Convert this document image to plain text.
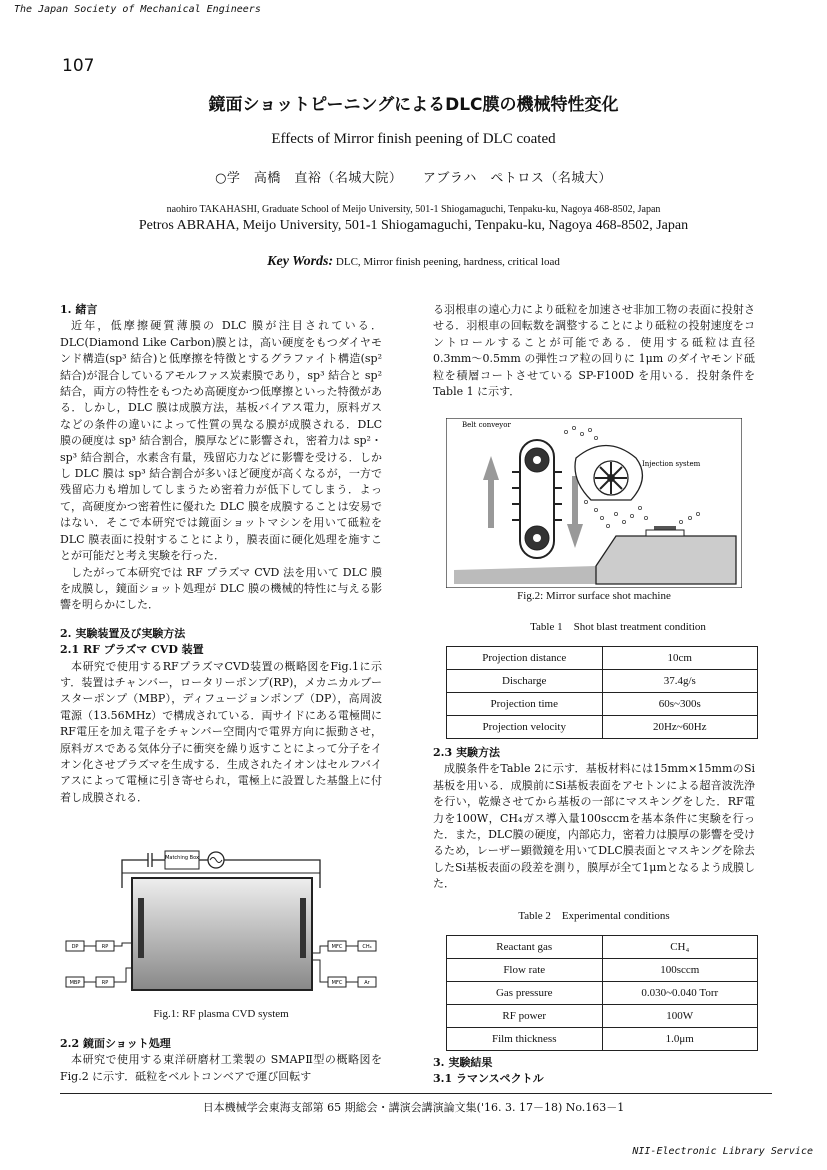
The Japan Society of Mechanical Engineers
107
鏡面ショットピーニングによるDLC膜の機械特性変化
Effects of Mirror finish peening of DLC coated
○学　高橋　直裕（名城大院）　　アブラハ　ペトロス（名城大）
naohiro TAKAHASHI, Graduate School of Meijo University, 501-1 Shiogamaguchi, Tenpaku-ku, Nagoya 468-8502, Japan
Petros ABRAHA, Meijo University, 501-1 Shiogamaguchi, Tenpaku-ku, Nagoya 468-8502, Japan
Key Words: DLC, Mirror finish peening, hardness, critical load
1. 緒言

近年，低摩擦硬質薄膜の DLC 膜が注目されている．DLC(Diamond Like Carbon)膜とは，高い硬度をもつダイヤモンド構造(sp³ 結合)と低摩擦を特徴とするグラファイト構造(sp² 結合)が混合しているアモルファス炭素膜であり，sp³ 結合と sp² 結合，両方の特性をもつため高硬度かつ低摩擦といった特徴がある．しかし，DLC 膜は成膜方法，基板バイアス電力，原料ガスなどの条件の違いによって性質の異なる膜が成膜される．DLC 膜の硬度は sp³ 結合割合，膜厚などに影響され，密着力は sp²・sp³ 結合割合，水素含有量，残留応力などに影響を受ける．しかし DLC 膜は sp³ 結合割合が多いほど硬度が高くなるが，一方で残留応力も増加してしまうため密着力が低下してしまう．よって，高硬度かつ密着性に優れた DLC 膜を成膜することは安易ではない．そこで本研究では鏡面ショットマシンを用いて砥粒を DLC 膜表面に投射することにより，膜表面に硬化処理を施すことが可能だと考え実験を行った．

したがって本研究では RF プラズマ CVD 法を用いて DLC 膜を成膜し，鏡面ショット処理が DLC 膜の機械的特性に与える影響を明らかにした．

2. 実験装置及び実験方法
2.1 RF プラズマ CVD 装置

本研究で使用するRFプラズマCVD装置の概略図をFig.1に示す．装置はチャンバー，ロータリーポンプ(RP)，メカニカルブースターポンプ（MBP），ディフュージョンポンプ（DP），高周波電源（13.56MHz）で構成されている．両サイドにある電極間にRF電圧を加え電子をチャンバー空間内で電界方向に振動させ，原料ガスである気体分子に衝突を繰り返すことによって分子をイオン化させプラズマを生成する．生成されたイオンはセルフバイアスによって電極に引き寄せられ，電極上に設置した基盤上に付着し成膜される．

Matching Box
DP	RP
MBP	RP
MFC	CH₄
MFC	Ar
Fig.1: RF plasma CVD system
2.2 鏡面ショット処理

本研究で使用する東洋研磨材工業製の SMAPⅡ型の概略図を Fig.2 に示す．砥粒をベルトコンベアで運び回転す

る羽根車の遠心力により砥粒を加速させ非加工物の表面に投射させる．羽根車の回転数を調整することにより砥粒の投射速度をコントロールすることが可能である．使用する砥粒は直径 0.3mm〜0.5mm の弾性コア粒の回りに 1μm のダイヤモンド砥粒を積層コートさせている SP-F100D を用いる．投射条件を Table 1 に示す．

Belt conveyor
Injection system
Fig.2: Mirror surface shot machine
Table 1　Shot blast treatment condition
Projection distance	10cm
Discharge	37.4g/s
Projection time	60s~300s
Projection velocity	20Hz~60Hz
2.3 実験方法

成膜条件をTable 2に示す．基板材料には15mm×15mmのSi基板を用いる．成膜前にSi基板表面をアセトンによる超音波洗浄を行い，乾燥させてから基板の一部にマスキングをした．RF電力を100W，CH₄ガス導入量100sccmを基本条件に実験を行った．また，DLC膜の硬度，内部応力，密着力は膜厚の影響を受けるため，レーザー顕微鏡を用いてDLC膜表面とマスキングを除去したSi基板表面の段差を測り，膜厚が全て1μmとなるよう成膜した．

Table 2　Experimental conditions
Reactant gas	CH₄
Flow rate	100sccm
Gas pressure	0.030~0.040 Torr
RF power	100W
Film thickness	1.0μm
3. 実験結果
3.1 ラマンスペクトル
日本機械学会東海支部第 65 期総会・講演会講演論文集('16. 3. 17－18) No.163－1
NII-Electronic Library Service
